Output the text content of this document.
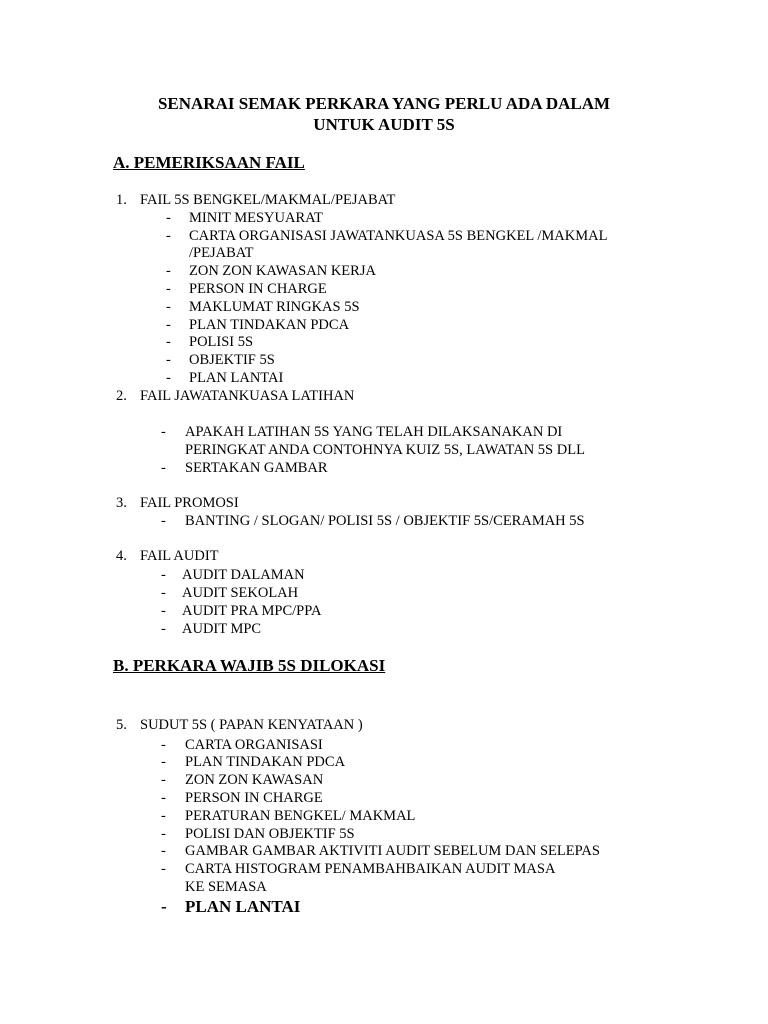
SENARAI SEMAK PERKARA YANG PERLU ADA DALAM
UNTUK AUDIT 5S
A. PEMERIKSAAN FAIL
1. FAIL 5S BENGKEL/MAKMAL/PEJABAT
- MINIT MESYUARAT
- CARTA ORGANISASI JAWATANKUASA 5S BENGKEL /MAKMAL
/PEJABAT
- ZON ZON KAWASAN KERJA
- PERSON IN CHARGE
- MAKLUMAT RINGKAS 5S
- PLAN TINDAKAN PDCA
- POLISI 5S
- OBJEKTIF 5S
- PLAN LANTAI
2. FAIL JAWATANKUASA LATIHAN
- APAKAH LATIHAN 5S YANG TELAH DILAKSANAKAN DI
PERINGKAT ANDA CONTOHNYA KUIZ 5S, LAWATAN 5S DLL
- SERTAKAN GAMBAR
3. FAIL PROMOSI
- BANTING / SLOGAN/ POLISI 5S / OBJEKTIF 5S/CERAMAH 5S
4. FAIL AUDIT
- AUDIT DALAMAN
- AUDIT SEKOLAH
- AUDIT PRA MPC/PPA
- AUDIT MPC
B. PERKARA WAJIB 5S DILOKASI
5. SUDUT 5S ( PAPAN KENYATAAN )
- CARTA ORGANISASI
- PLAN TINDAKAN PDCA
- ZON ZON KAWASAN
- PERSON IN CHARGE
- PERATURAN BENGKEL/ MAKMAL
- POLISI DAN OBJEKTIF 5S
- GAMBAR GAMBAR AKTIVITI AUDIT SEBELUM DAN SELEPAS
- CARTA HISTOGRAM PENAMBAHBAIKAN AUDIT MASA
KE SEMASA
- PLAN LANTAI
